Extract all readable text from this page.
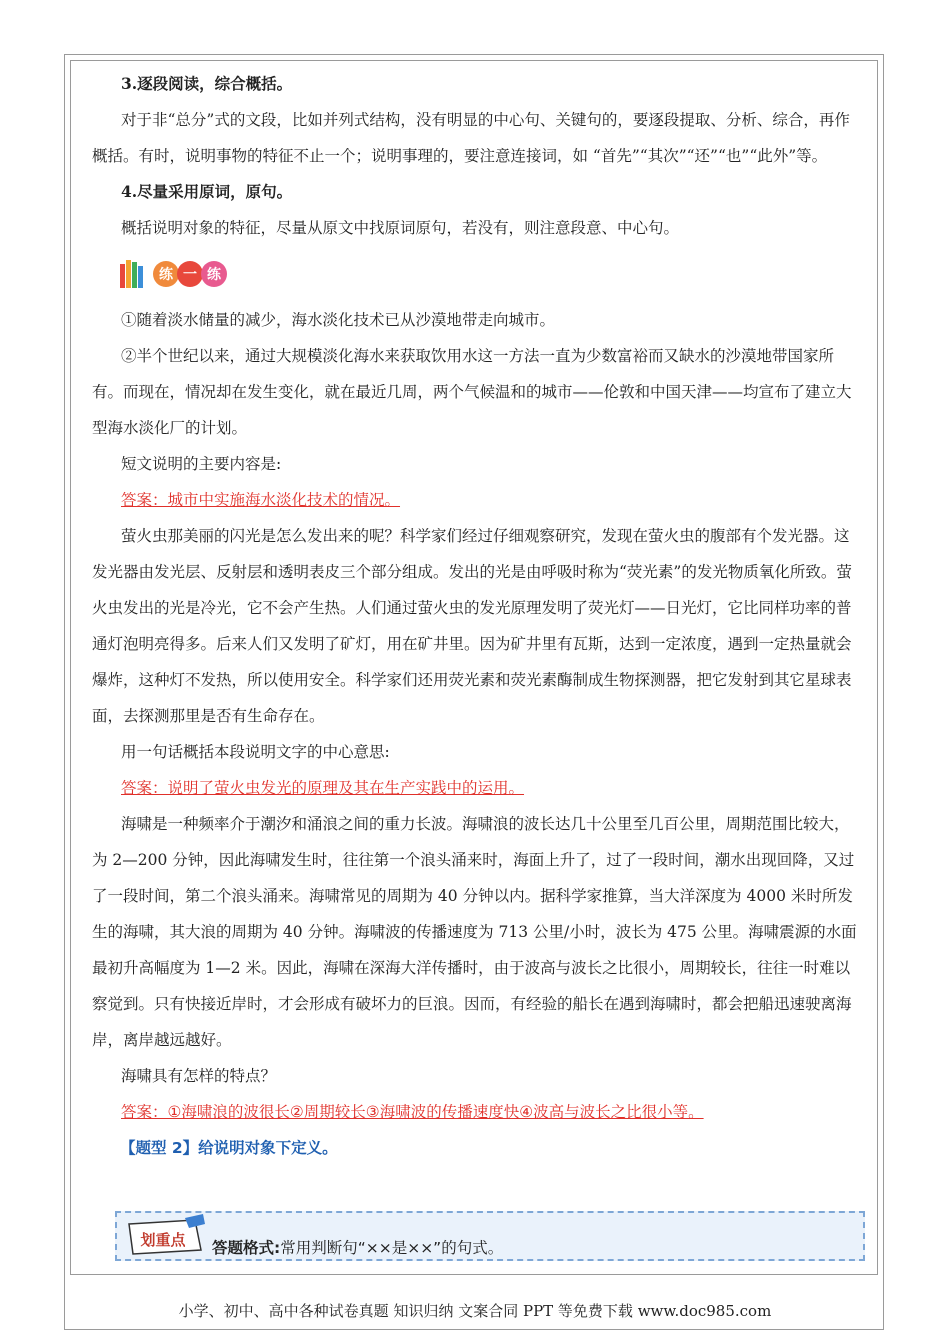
3.逐段阅读，综合概括。

对于非“总分”式的文段，比如并列式结构，没有明显的中心句、关键句的，要逐段提取、分析、综合，再作概括。有时，说明事物的特征不止一个；说明事理的，要注意连接词，如 “首先”“其次”“还”“也”“此外”等。

4.尽量采用原词，原句。

概括说明对象的特征，尽量从原文中找原词原句，若没有，则注意段意、中心句。

练 一 练

①随着淡水储量的减少，海水淡化技术已从沙漠地带走向城市。

②半个世纪以来，通过大规模淡化海水来获取饮用水这一方法一直为少数富裕而又缺水的沙漠地带国家所有。而现在，情况却在发生变化，就在最近几周，两个气候温和的城市——伦敦和中国天津——均宣布了建立大型海水淡化厂的计划。

短文说明的主要内容是:

答案：城市中实施海水淡化技术的情况。

萤火虫那美丽的闪光是怎么发出来的呢？科学家们经过仔细观察研究，发现在萤火虫的腹部有个发光器。这发光器由发光层、反射层和透明表皮三个部分组成。发出的光是由呼吸时称为“荧光素”的发光物质氧化所致。萤火虫发出的光是冷光，它不会产生热。人们通过萤火虫的发光原理发明了荧光灯——日光灯，它比同样功率的普通灯泡明亮得多。后来人们又发明了矿灯，用在矿井里。因为矿井里有瓦斯，达到一定浓度，遇到一定热量就会爆炸，这种灯不发热，所以使用安全。科学家们还用荧光素和荧光素酶制成生物探测器，把它发射到其它星球表面，去探测那里是否有生命存在。

用一句话概括本段说明文字的中心意思:

答案：说明了萤火虫发光的原理及其在生产实践中的运用。

海啸是一种频率介于潮汐和涌浪之间的重力长波。海啸浪的波长达几十公里至几百公里，周期范围比较大，为 2—200 分钟，因此海啸发生时，往往第一个浪头涌来时，海面上升了，过了一段时间，潮水出现回降，又过了一段时间，第二个浪头涌来。海啸常见的周期为 40 分钟以内。据科学家推算，当大洋深度为 4000 米时所发生的海啸，其大浪的周期为 40 分钟。海啸波的传播速度为 713 公里/小时，波长为 475 公里。海啸震源的水面最初升高幅度为 1—2 米。因此，海啸在深海大洋传播时，由于波高与波长之比很小，周期较长，往往一时难以察觉到。只有快接近岸时，才会形成有破坏力的巨浪。因而，有经验的船长在遇到海啸时，都会把船迅速驶离海岸，离岸越远越好。

海啸具有怎样的特点？

答案：①海啸浪的波很长②周期较长③海啸波的传播速度快④波高与波长之比很小等。

【题型 2】给说明对象下定义。

划重点 答题格式:常用判断句“××是××”的句式。
小学、初中、高中各种试卷真题 知识归纳 文案合同 PPT 等免费下载 www.doc985.com
